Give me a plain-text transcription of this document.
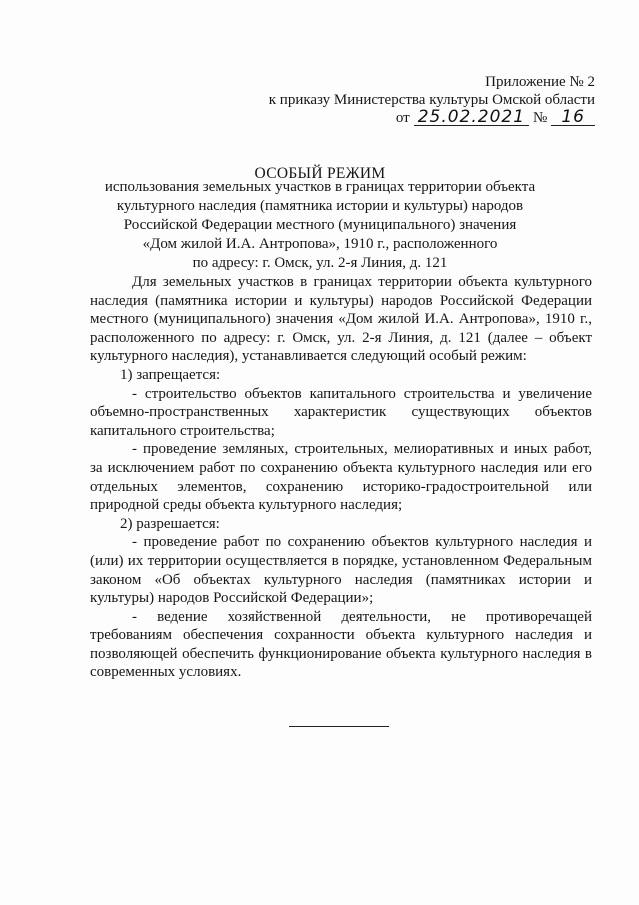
Приложение № 2
к приказу Министерства культуры Омской области
от 25.02.2021 № 16
ОСОБЫЙ РЕЖИМ
использования земельных участков в границах территории объекта
культурного наследия (памятника истории и культуры) народов
Российской Федерации местного (муниципального) значения
«Дом жилой И.А. Антропова», 1910 г., расположенного
по адресу: г. Омск, ул. 2-я Линия, д. 121

Для земельных участков в границах территории объекта культурного наследия (памятника истории и культуры) народов Российской Федерации местного (муниципального) значения «Дом жилой И.А. Антропова», 1910 г., расположенного по адресу: г. Омск, ул. 2-я Линия, д. 121 (далее – объект культурного наследия), устанавливается следующий особый режим:

1) запрещается:

- строительство объектов капитального строительства и увеличение объемно-пространственных характеристик существующих объектов капитального строительства;

- проведение земляных, строительных, мелиоративных и иных работ, за исключением работ по сохранению объекта культурного наследия или его отдельных элементов, сохранению историко-градостроительной или природной среды объекта культурного наследия;

2) разрешается:

- проведение работ по сохранению объектов культурного наследия и (или) их территории осуществляется в порядке, установленном Федеральным законом «Об объектах культурного наследия (памятниках истории и культуры) народов Российской Федерации»;

- ведение хозяйственной деятельности, не противоречащей требованиям обеспечения сохранности объекта культурного наследия и позволяющей обеспечить функционирование объекта культурного наследия в современных условиях.
